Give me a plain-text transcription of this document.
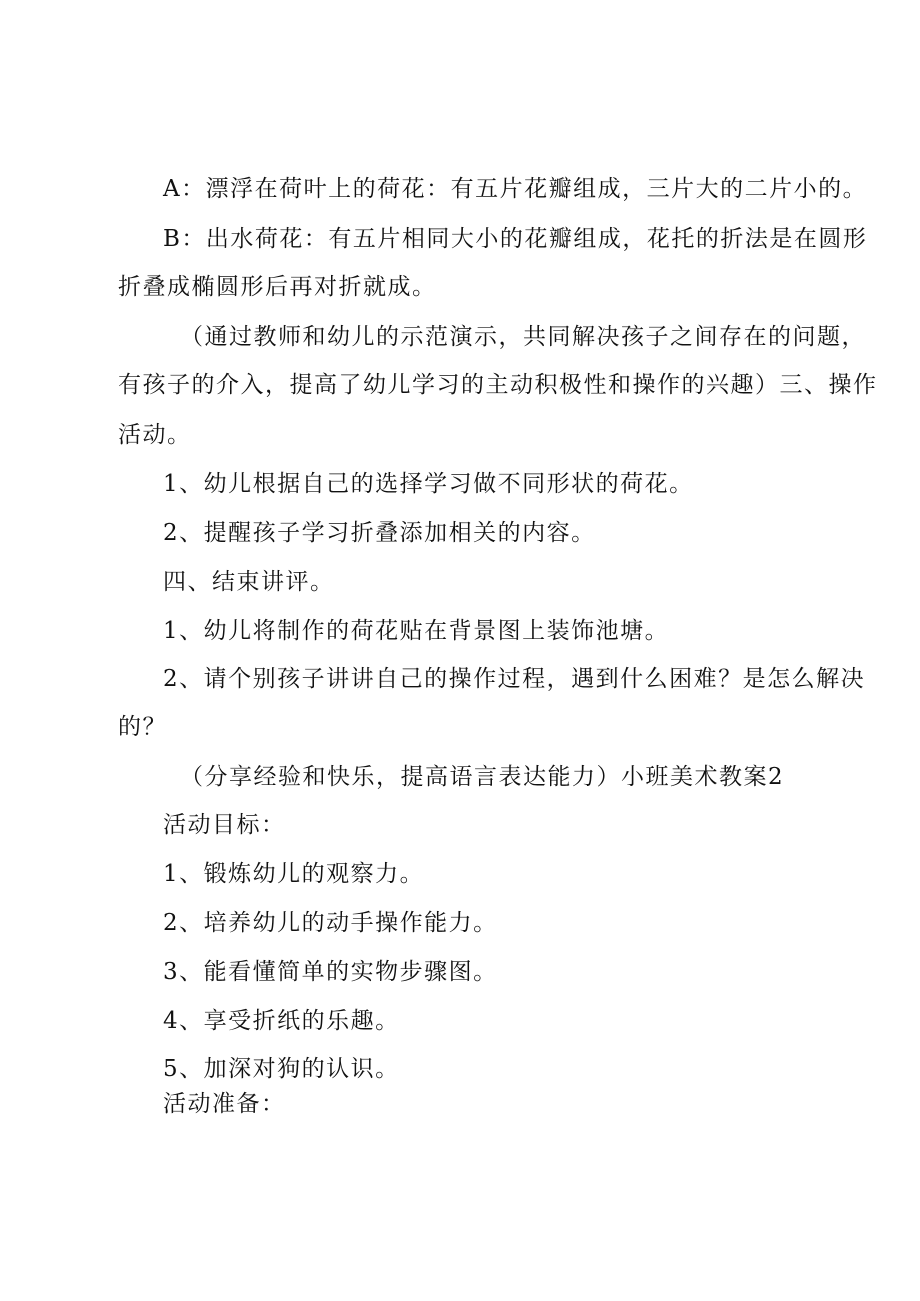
A：漂浮在荷叶上的荷花：有五片花瓣组成，三片大的二片小的。
B：出水荷花：有五片相同大小的花瓣组成，花托的折法是在圆形
折叠成椭圆形后再对折就成。
（通过教师和幼儿的示范演示，共同解决孩子之间存在的问题，
有孩子的介入，提高了幼儿学习的主动积极性和操作的兴趣）三、操作
活动。
1、幼儿根据自己的选择学习做不同形状的荷花。
2、提醒孩子学习折叠添加相关的内容。
四、结束讲评。
1、幼儿将制作的荷花贴在背景图上装饰池塘。
2、请个别孩子讲讲自己的操作过程，遇到什么困难？是怎么解决
的？
（分享经验和快乐，提高语言表达能力）小班美术教案2
活动目标：
1、锻炼幼儿的观察力。
2、培养幼儿的动手操作能力。
3、能看懂简单的实物步骤图。
4、享受折纸的乐趣。
5、加深对狗的认识。
活动准备：
